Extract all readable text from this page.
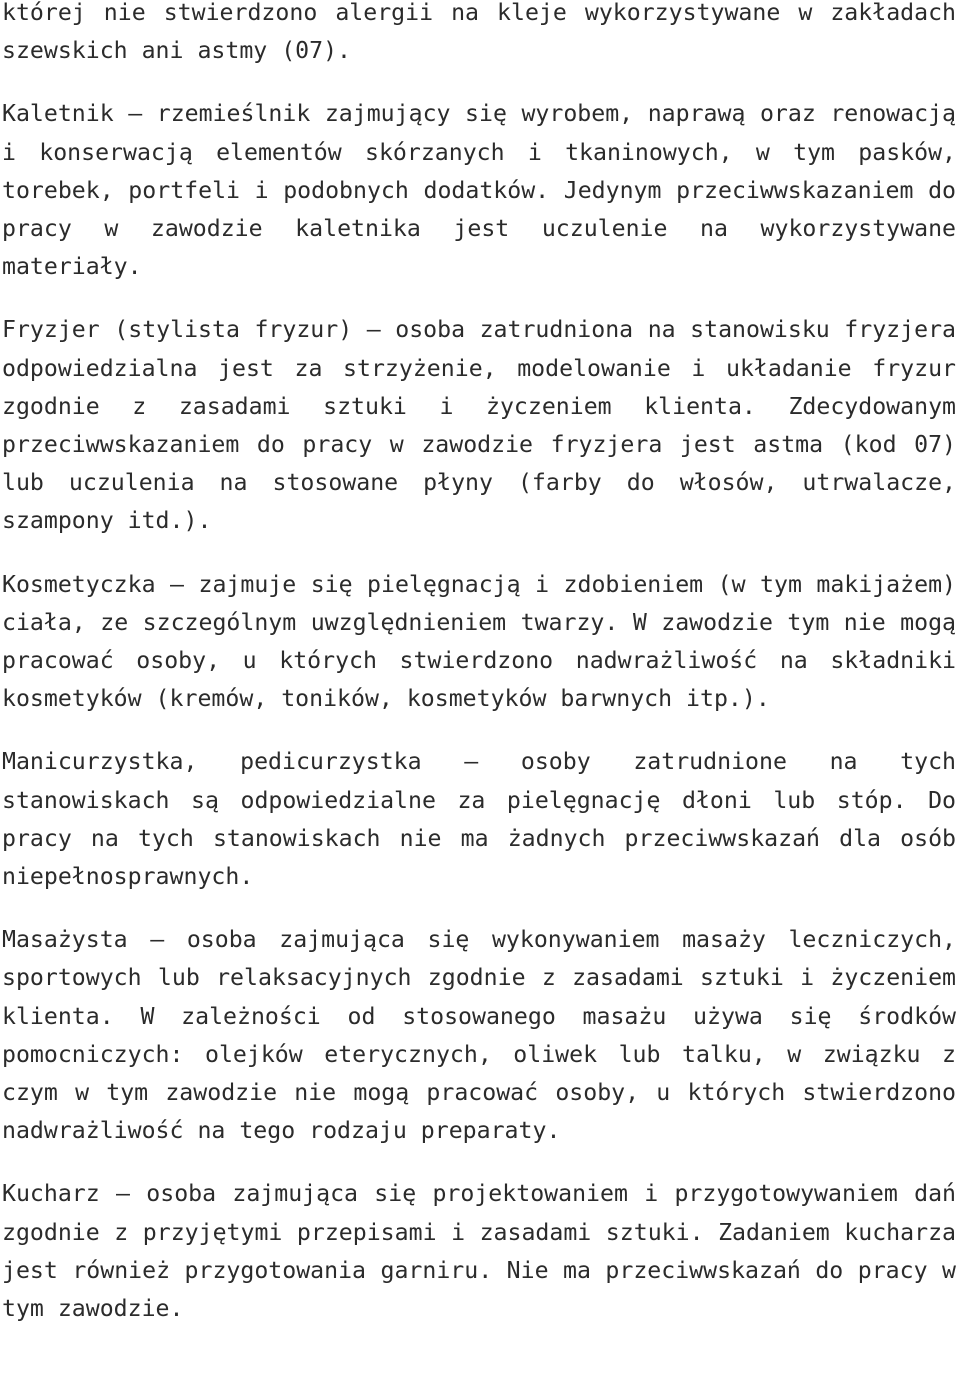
której nie stwierdzono alergii na kleje wykorzystywane w zakładach szewskich ani astmy (07).

Kaletnik – rzemieślnik zajmujący się wyrobem, naprawą oraz renowacją i konserwacją elementów skórzanych i tkaninowych, w tym pasków, torebek, portfeli i podobnych dodatków. Jedynym przeciwwskazaniem do pracy w zawodzie kaletnika jest uczulenie na wykorzystywane materiały.

Fryzjer (stylista fryzur) – osoba zatrudniona na stanowisku fryzjera odpowiedzialna jest za strzyżenie, modelowanie i układanie fryzur zgodnie z zasadami sztuki i życzeniem klienta. Zdecydowanym przeciwwskazaniem do pracy w zawodzie fryzjera jest astma (kod 07) lub uczulenia na stosowane płyny (farby do włosów, utrwalacze, szampony itd.).

Kosmetyczka – zajmuje się pielęgnacją i zdobieniem (w tym makijażem) ciała, ze szczególnym uwzględnieniem twarzy. W zawodzie tym nie mogą pracować osoby, u których stwierdzono nadwrażliwość na składniki kosmetyków (kremów, toników, kosmetyków barwnych itp.).

Manicurzystka, pedicurzystka – osoby zatrudnione na tych stanowiskach są odpowiedzialne za pielęgnację dłoni lub stóp. Do pracy na tych stanowiskach nie ma żadnych przeciwwskazań dla osób niepełnosprawnych.

Masażysta – osoba zajmująca się wykonywaniem masaży leczniczych, sportowych lub relaksacyjnych zgodnie z zasadami sztuki i życzeniem klienta. W zależności od stosowanego masażu używa się środków pomocniczych: olejków eterycznych, oliwek lub talku, w związku z czym w tym zawodzie nie mogą pracować osoby, u których stwierdzono nadwrażliwość na tego rodzaju preparaty.

Kucharz – osoba zajmująca się projektowaniem i przygotowywaniem dań zgodnie z przyjętymi przepisami i zasadami sztuki. Zadaniem kucharza jest również przygotowania garniru. Nie ma przeciwwskazań do pracy w tym zawodzie.
